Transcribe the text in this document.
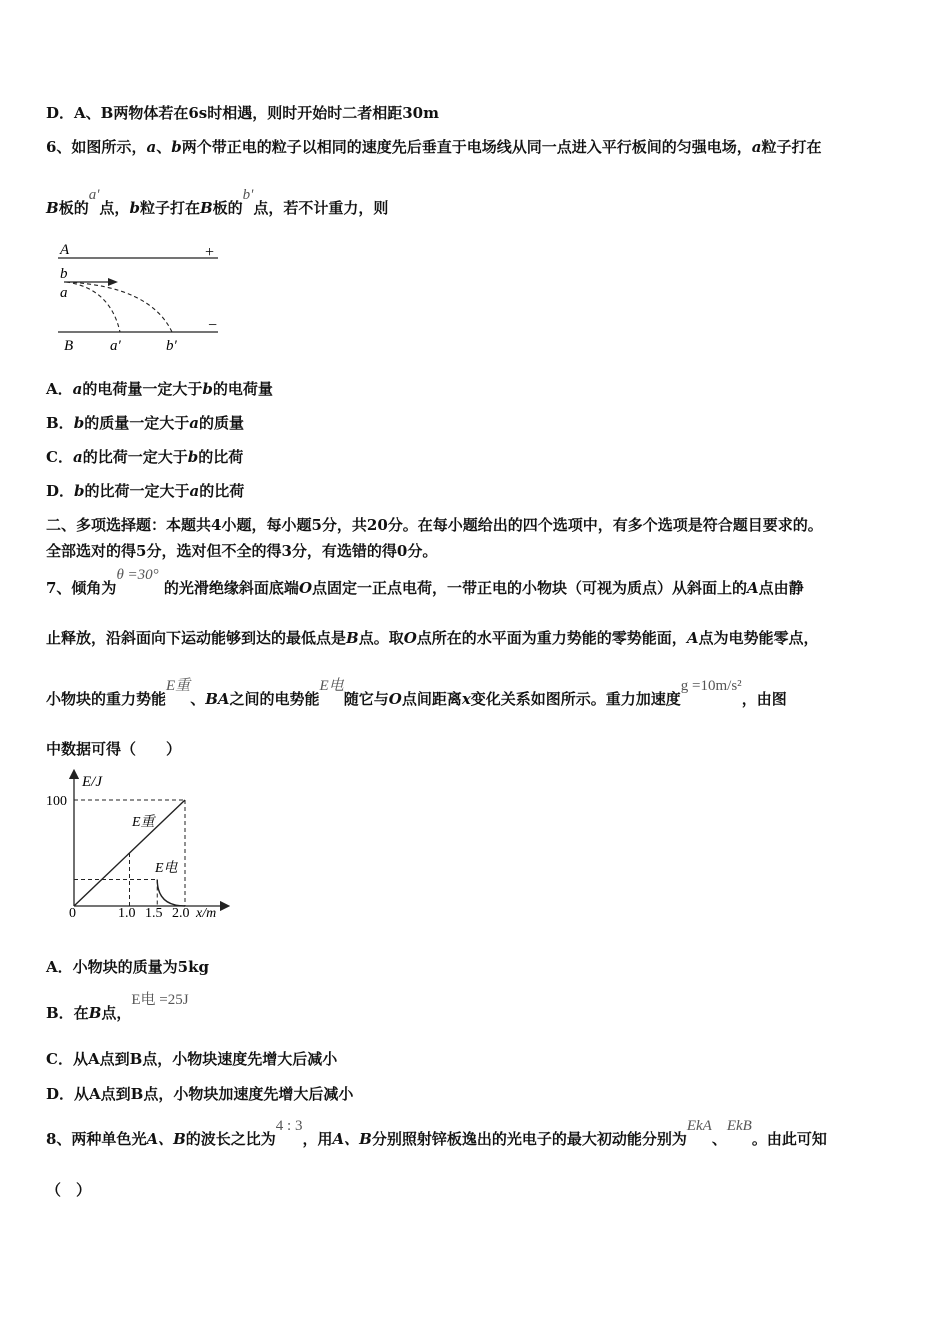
D．A、B两物体若在6s时相遇，则时开始时二者相距30m
6、如图所示，a、b两个带正电的粒子以相同的速度先后垂直于电场线从同一点进入平行板间的匀强电场，a粒子打在
B板的a'点，b粒子打在B板的b'点，若不计重力，则
A	+
b
a
−
B a′	b′
A．a的电荷量一定大于b的电荷量
B．b的质量一定大于a的质量
C．a的比荷一定大于b的比荷
D．b的比荷一定大于a的比荷
二、多项选择题：本题共4小题，每小题5分，共20分。在每小题给出的四个选项中，有多个选项是符合题目要求的。
全部选对的得5分，选对但不全的得3分，有选错的得0分。
7、倾角为θ =30° 的光滑绝缘斜面底端O点固定一正点电荷，一带正电的小物块（可视为质点）从斜面上的A点由静
止释放，沿斜面向下运动能够到达的最低点是B点。取O点所在的水平面为重力势能的零势能面，A点为电势能零点，
小物块的重力势能E重、BA之间的电势能E电随它与O点间距离x变化关系如图所示。重力加速度g =10m/s²，由图
中数据可得（　　）
E/J
100
0	1.0 1.5 2.0 x/m
E重
E电
A．小物块的质量为5kg
B．在B点，E电 =25J
C．从A点到B点，小物块速度先增大后减小
D．从A点到B点，小物块加速度先增大后减小
8、两种单色光A、B的波长之比为4 : 3，用A、B分别照射锌板逸出的光电子的最大初动能分别为EkA、EkB。由此可知
（　）
